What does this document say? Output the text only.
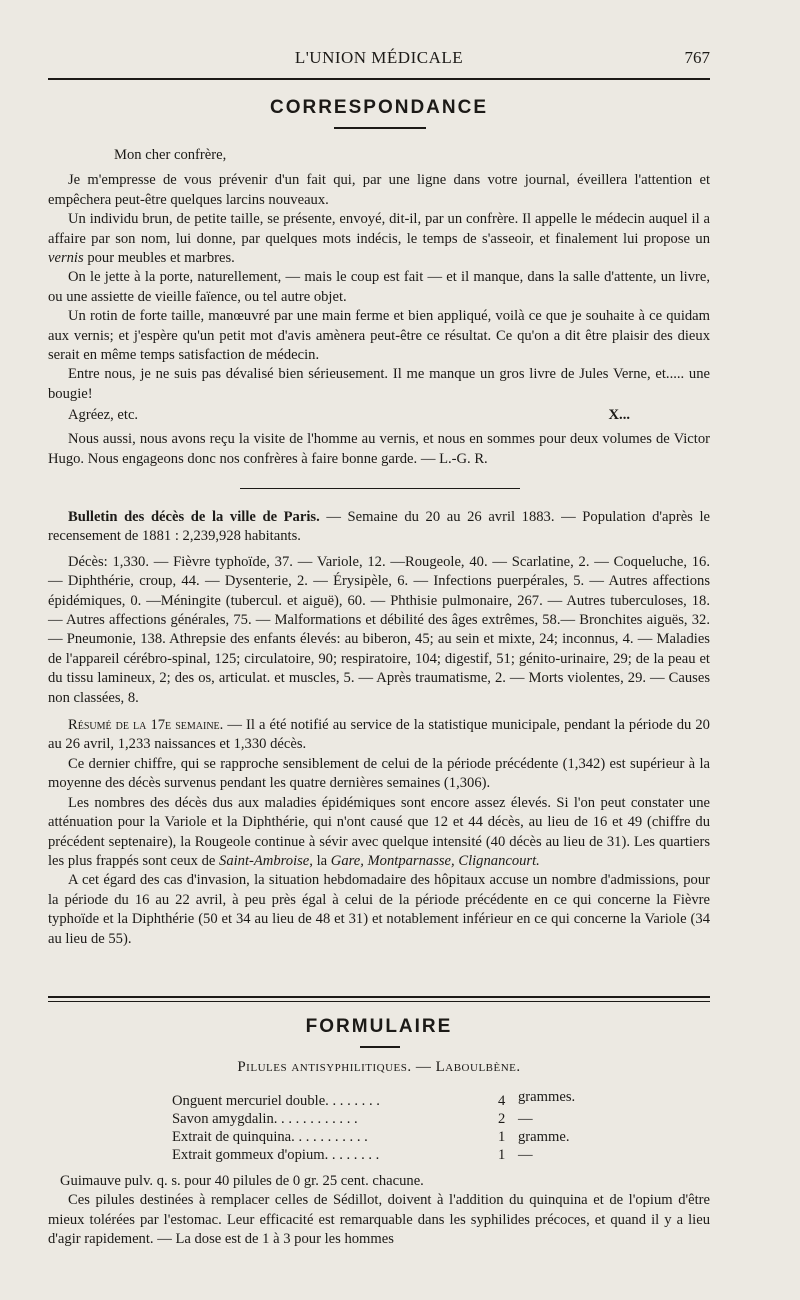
L'UNION MÉDICALE	767
CORRESPONDANCE

Mon cher confrère,

Je m'empresse de vous prévenir d'un fait qui, par une ligne dans votre journal, éveillera l'attention et empêchera peut-être quelques larcins nouveaux.

Un individu brun, de petite taille, se présente, envoyé, dit-il, par un confrère. Il appelle le médecin auquel il a affaire par son nom, lui donne, par quelques mots indécis, le temps de s'asseoir, et finalement lui propose un vernis pour meubles et marbres.

On le jette à la porte, naturellement, — mais le coup est fait — et il manque, dans la salle d'attente, un livre, ou une assiette de vieille faïence, ou tel autre objet.

Un rotin de forte taille, manœuvré par une main ferme et bien appliqué, voilà ce que je souhaite à ce quidam aux vernis; et j'espère qu'un petit mot d'avis amènera peut-être ce résultat. Ce qu'on a dit être plaisir des dieux serait en même temps satisfaction de médecin.

Entre nous, je ne suis pas dévalisé bien sérieusement. Il me manque un gros livre de Jules Verne, et..... une bougie!

Agréez, etc.	X...

Nous aussi, nous avons reçu la visite de l'homme au vernis, et nous en sommes pour deux volumes de Victor Hugo. Nous engageons donc nos confrères à faire bonne garde. — L.-G. R.

Bulletin des décès de la ville de Paris. — Semaine du 20 au 26 avril 1883. — Population d'après le recensement de 1881 : 2,239,928 habitants.

Décès: 1,330. — Fièvre typhoïde, 37. — Variole, 12. —Rougeole, 40. — Scarlatine, 2. — Coqueluche, 16. — Diphthérie, croup, 44. — Dysenterie, 2. — Érysipèle, 6. — Infections puerpérales, 5. — Autres affections épidémiques, 0. —Méningite (tubercul. et aiguë), 60. — Phthisie pulmonaire, 267. — Autres tuberculoses, 18. — Autres affections générales, 75. — Malformations et débilité des âges extrêmes, 58.— Bronchites aiguës, 32. — Pneumonie, 138. Athrepsie des enfants élevés: au biberon, 45; au sein et mixte, 24; inconnus, 4. — Maladies de l'appareil cérébro-spinal, 125; circulatoire, 90; respiratoire, 104; digestif, 51; génito-urinaire, 29; de la peau et du tissu lamineux, 2; des os, articulat. et muscles, 5. — Après traumatisme, 2. — Morts violentes, 29. — Causes non classées, 8.

Résumé de la 17e semaine. — Il a été notifié au service de la statistique municipale, pendant la période du 20 au 26 avril, 1,233 naissances et 1,330 décès.

Ce dernier chiffre, qui se rapproche sensiblement de celui de la période précédente (1,342) est supérieur à la moyenne des décès survenus pendant les quatre dernières semaines (1,306).

Les nombres des décès dus aux maladies épidémiques sont encore assez élevés. Si l'on peut constater une atténuation pour la Variole et la Diphthérie, qui n'ont causé que 12 et 44 décès, au lieu de 16 et 49 (chiffre du précédent septenaire), la Rougeole continue à sévir avec quelque intensité (40 décès au lieu de 31). Les quartiers les plus frappés sont ceux de Saint-Ambroise, la Gare, Montparnasse, Clignancourt.

A cet égard des cas d'invasion, la situation hebdomadaire des hôpitaux accuse un nombre d'admissions, pour la période du 16 au 22 avril, à peu près égal à celui de la période précédente en ce qui concerne la Fièvre typhoïde et la Diphthérie (50 et 34 au lieu de 48 et 31) et notablement inférieur en ce qui concerne la Variole (34 au lieu de 55).

FORMULAIRE
Pilules antisyphilitiques. — Laboulbène.
Onguent mercuriel double. . . . . . . .	4 grammes.
Savon amygdalin. . . . . . . . . . . .	2 —
Extrait de quinquina. . . . . . . . . . .	1 gramme.
Extrait gommeux d'opium. . . . . . . .	1 —

Guimauve pulv. q. s. pour 40 pilules de 0 gr. 25 cent. chacune.

Ces pilules destinées à remplacer celles de Sédillot, doivent à l'addition du quinquina et de l'opium d'être mieux tolérées par l'estomac. Leur efficacité est remarquable dans les syphilides précoces, et quand il y a lieu d'agir rapidement. — La dose est de 1 à 3 pour les hommes
